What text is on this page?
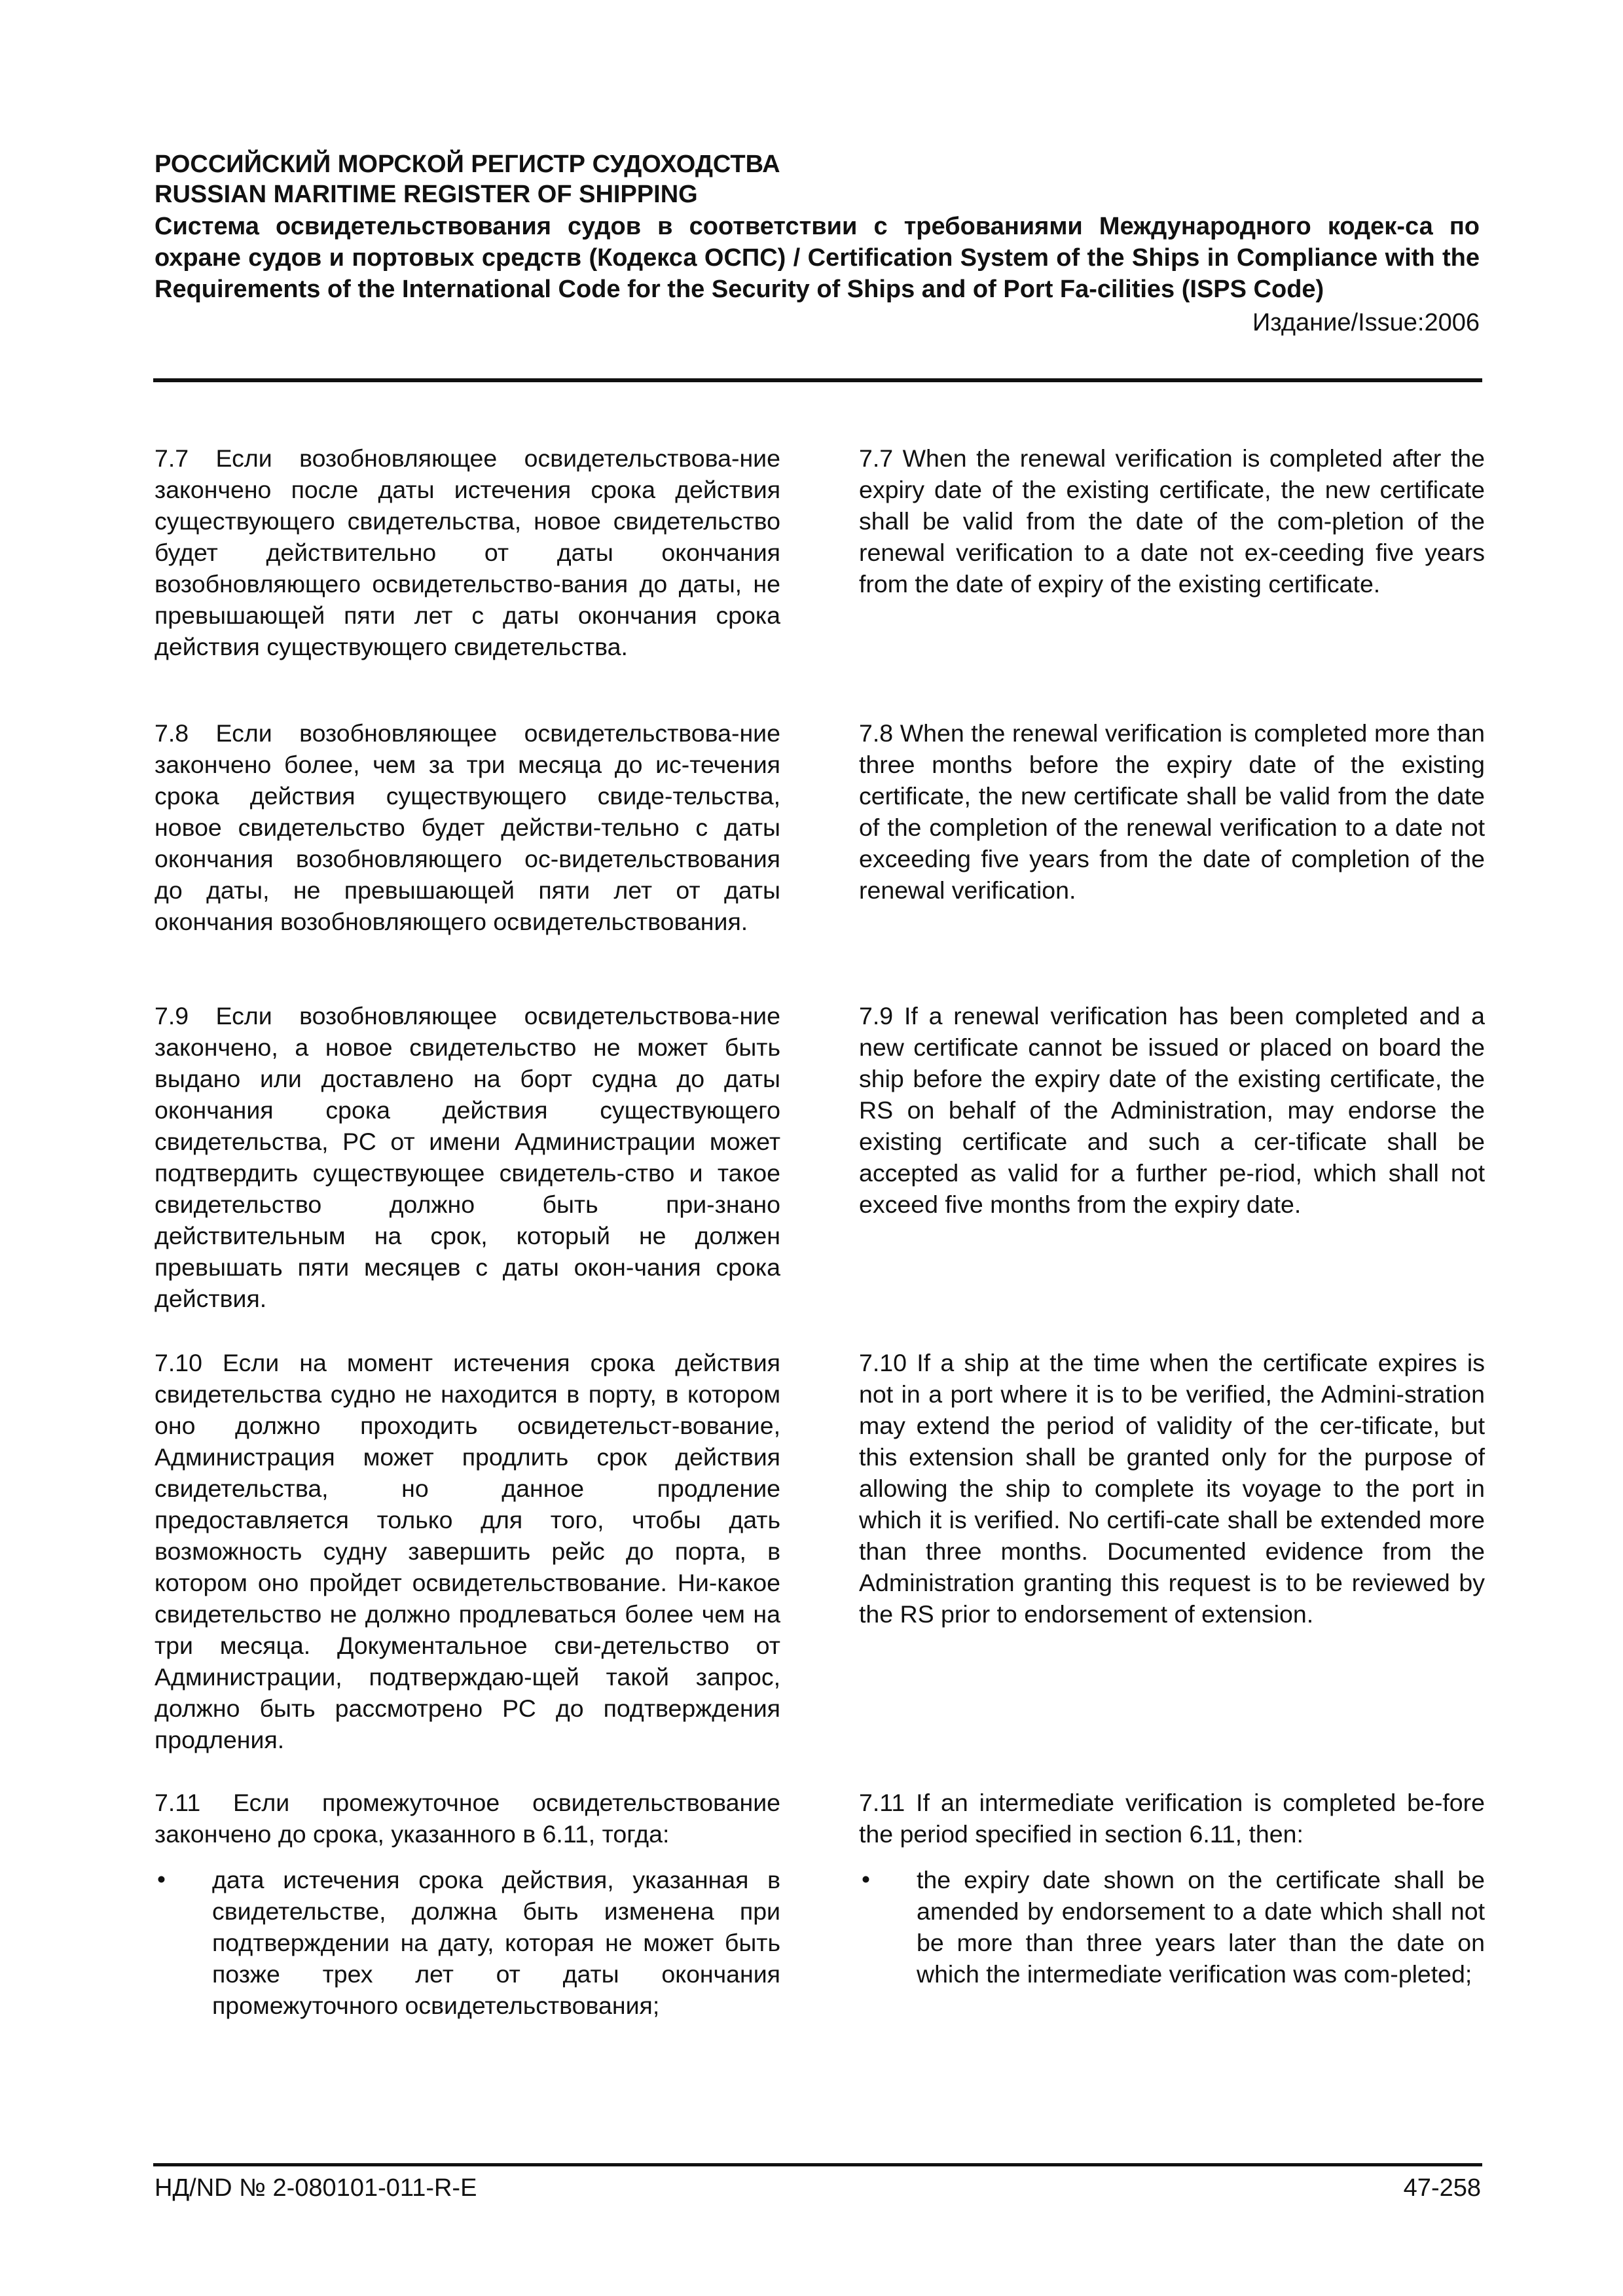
РОССИЙСКИЙ МОРСКОЙ РЕГИСТР СУДОХОДСТВА

RUSSIAN MARITIME REGISTER OF SHIPPING

Система освидетельствования судов в соответствии с требованиями Международного кодек-са по охране судов и портовых средств (Кодекса ОСПС) / Certification System of the Ships in Compliance with the Requirements of the International Code for the Security of Ships and of Port Fa-cilities (ISPS Code)

Издание/Issue:2006

7.7 Если возобновляющее освидетельствова-ние закончено после даты истечения срока действия существующего свидетельства, новое свидетельство будет действительно от даты окончания возобновляющего освидетельство-вания до даты, не превышающей пяти лет с даты окончания срока действия существующего свидетельства.

7.7 When the renewal verification is completed after the expiry date of the existing certificate, the new certificate shall be valid from the date of the com-pletion of the renewal verification to a date not ex-ceeding five years from the date of expiry of the existing certificate.

7.8 Если возобновляющее освидетельствова-ние закончено более, чем за три месяца до ис-течения срока действия существующего свиде-тельства, новое свидетельство будет действи-тельно с даты окончания возобновляющего ос-видетельствования до даты, не превышающей пяти лет от даты окончания возобновляющего освидетельствования.

7.8 When the renewal verification is completed more than three months before the expiry date of the existing certificate, the new certificate shall be valid from the date of the completion of the renewal verification to a date not exceeding five years from the date of completion of the renewal verification.

7.9 Если возобновляющее освидетельствова-ние закончено, а новое свидетельство не может быть выдано или доставлено на борт судна до даты окончания срока действия существующего свидетельства, РС от имени Администрации может подтвердить существующее свидетель-ство и такое свидетельство должно быть при-знано действительным на срок, который не должен превышать пяти месяцев с даты окон-чания срока действия.

7.9 If a renewal verification has been completed and a new certificate cannot be issued or placed on board the ship before the expiry date of the existing certificate, the RS on behalf of the Administration, may endorse the existing certificate and such a cer-tificate shall be accepted as valid for a further pe-riod, which shall not exceed five months from the expiry date.

7.10 Если на момент истечения срока действия свидетельства судно не находится в порту, в котором оно должно проходить освидетельст-вование, Администрация может продлить срок действия свидетельства, но данное продление предоставляется только для того, чтобы дать возможность судну завершить рейс до порта, в котором оно пройдет освидетельствование. Ни-какое свидетельство не должно продлеваться более чем на три месяца. Документальное сви-детельство от Администрации, подтверждаю-щей такой запрос, должно быть рассмотрено РС до подтверждения продления.

7.10 If a ship at the time when the certificate expires is not in a port where it is to be verified, the Admini-stration may extend the period of validity of the cer-tificate, but this extension shall be granted only for the purpose of allowing the ship to complete its voyage to the port in which it is verified. No certifi-cate shall be extended more than three months. Documented evidence from the Administration granting this request is to be reviewed by the RS prior to endorsement of extension.

7.11 Если промежуточное освидетельствование закончено до срока, указанного в 6.11, тогда:

•	дата истечения срока действия, указанная в свидетельстве, должна быть изменена при подтверждении на дату, которая не может быть позже трех лет от даты окончания промежуточного освидетельствования;

7.11 If an intermediate verification is completed be-fore the period specified in section 6.11, then:

•	the expiry date shown on the certificate shall be amended by endorsement to a date which shall not be more than three years later than the date on which the intermediate verification was com-pleted;
НД/ND № 2-080101-011-R-E	47-258
